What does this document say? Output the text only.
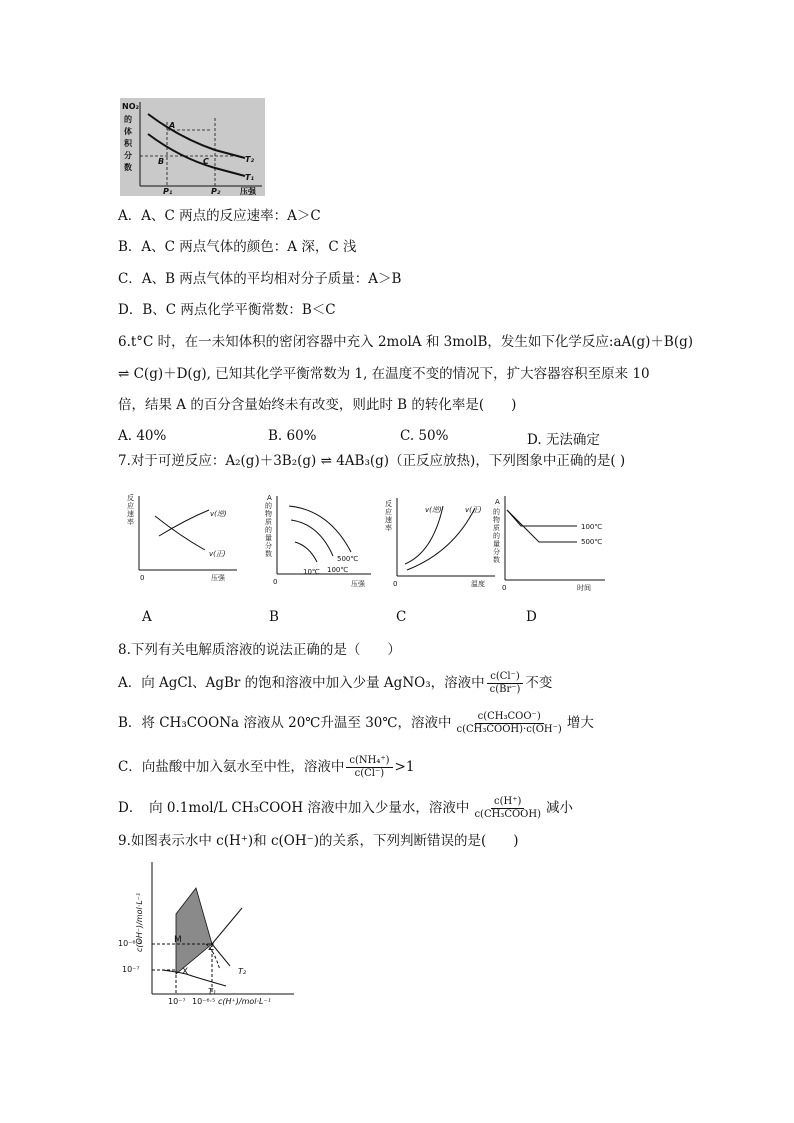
NO₂
的
体
积
分
数
A
B	C	T₂
T₁
P₁	P₂ 压强
A．A、C 两点的反应速率：A＞C
B．A、C 两点气体的颜色：A 深，C 浅
C．A、B 两点气体的平均相对分子质量：A＞B
D．B、C 两点化学平衡常数：B＜C
6.t°C 时，在一未知体积的密闭容器中充入 2molA 和 3molB，发生如下化学反应:aA(g)＋B(g)
⇌ C(g)＋D(g), 已知其化学平衡常数为 1, 在温度不变的情况下，扩大容器容积至原来 10
倍，结果 A 的百分含量始终未有改变，则此时 B 的转化率是(　　)
A. 40%	B. 60%	C. 50%	D. 无法确定
7.对于可逆反应：A₂(g)＋3B₂(g) ⇌ 4AB₃(g)（正反应放热)，下列图象中正确的是( )
反
应
速
率
0	压强
v(逆)
v(正)
A
A
的
物
质
的
量
分
数
500℃
100℃
10℃
0	压强
B
反
应
速
率
v(逆)	v(正)
0	温度
C
A
的
物
质
的
量
分
数
100℃
500℃
0	时间
D
8.下列有关电解质溶液的说法正确的是（　　）
A．向 AgCl、AgBr 的饱和溶液中加入少量 AgNO₃，溶液中 $\frac{c(Cl^-)}{c(Br^-)}$ 不变
B．将 CH₃COONa 溶液从 20℃升温至 30℃，溶液中 $\frac{\text{c(CH₃COO⁻)}}{\text{c(CH₃COOH)·c(OH⁻)}}$ 增大
C．向盐酸中加入氨水至中性，溶液中 $\frac{\text{c(NH₄⁺)}}{c(Cl^-)} >1$
D．　向 0.1mol/L CH₃COOH 溶液中加入少量水，溶液中 $\frac{c(H^+)}{\text{c(CH₃COOH)}}$ 减小
9.如图表示水中 c(H⁺)和 c(OH⁻)的关系，下列判断错误的是(　　)
c(OH⁻)/mol·L⁻¹	M
Z
X
T₁
T₂
10⁻⁶·⁵
10⁻⁷
10⁻⁷ 10⁻⁶·⁵ c(H⁺)/mol·L⁻¹
